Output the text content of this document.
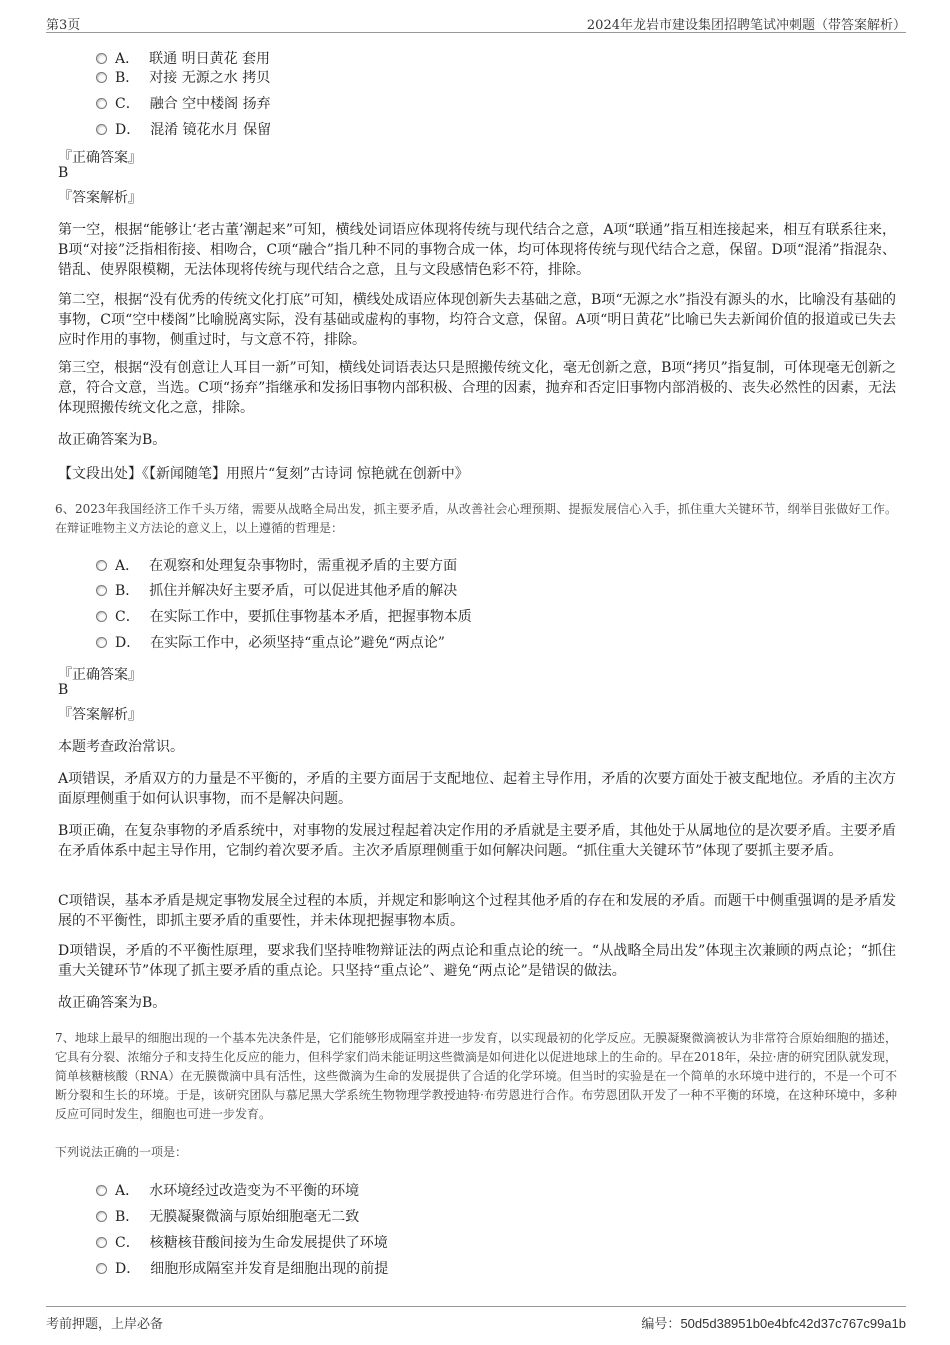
第3页	2024年龙岩市建设集团招聘笔试冲刺题（带答案解析）
A． 联通 明日黄花 套用
B． 对接 无源之水 拷贝
C． 融合 空中楼阁 扬弃
D． 混淆 镜花水月 保留
『正确答案』
B
『答案解析』
第一空，根据“能够让‘老古董’潮起来”可知，横线处词语应体现将传统与现代结合之意，A项“联通”指互相连接起来，相互有联系往来，B项“对接”泛指相衔接、相吻合，C项“融合”指几种不同的事物合成一体，均可体现将传统与现代结合之意，保留。D项“混淆”指混杂、错乱、使界限模糊，无法体现将传统与现代结合之意，且与文段感情色彩不符，排除。
第二空，根据“没有优秀的传统文化打底”可知，横线处成语应体现创新失去基础之意，B项“无源之水”指没有源头的水，比喻没有基础的事物，C项“空中楼阁”比喻脱离实际，没有基础或虚构的事物，均符合文意，保留。A项“明日黄花”比喻已失去新闻价值的报道或已失去应时作用的事物，侧重过时，与文意不符，排除。
第三空，根据“没有创意让人耳目一新”可知，横线处词语表达只是照搬传统文化，毫无创新之意，B项“拷贝”指复制，可体现毫无创新之意，符合文意，当选。C项“扬弃”指继承和发扬旧事物内部积极、合理的因素，抛弃和否定旧事物内部消极的、丧失必然性的因素，无法体现照搬传统文化之意，排除。
故正确答案为B。
【文段出处】《【新闻随笔】用照片“复刻”古诗词 惊艳就在创新中》
6、2023年我国经济工作千头万绪，需要从战略全局出发，抓主要矛盾，从改善社会心理预期、提振发展信心入手，抓住重大关键环节，纲举目张做好工作。在辩证唯物主义方法论的意义上，以上遵循的哲理是：
A． 在观察和处理复杂事物时，需重视矛盾的主要方面
B． 抓住并解决好主要矛盾，可以促进其他矛盾的解决
C． 在实际工作中，要抓住事物基本矛盾，把握事物本质
D． 在实际工作中，必须坚持“重点论”避免“两点论”
『正确答案』
B
『答案解析』
本题考查政治常识。
A项错误，矛盾双方的力量是不平衡的，矛盾的主要方面居于支配地位、起着主导作用，矛盾的次要方面处于被支配地位。矛盾的主次方面原理侧重于如何认识事物，而不是解决问题。
B项正确，在复杂事物的矛盾系统中，对事物的发展过程起着决定作用的矛盾就是主要矛盾，其他处于从属地位的是次要矛盾。主要矛盾在矛盾体系中起主导作用，它制约着次要矛盾。主次矛盾原理侧重于如何解决问题。“抓住重大关键环节”体现了要抓主要矛盾。
C项错误，基本矛盾是规定事物发展全过程的本质，并规定和影响这个过程其他矛盾的存在和发展的矛盾。而题干中侧重强调的是矛盾发展的不平衡性，即抓主要矛盾的重要性，并未体现把握事物本质。
D项错误，矛盾的不平衡性原理，要求我们坚持唯物辩证法的两点论和重点论的统一。“从战略全局出发”体现主次兼顾的两点论；“抓住重大关键环节”体现了抓主要矛盾的重点论。只坚持“重点论”、避免“两点论”是错误的做法。
故正确答案为B。
7、地球上最早的细胞出现的一个基本先决条件是，它们能够形成隔室并进一步发育，以实现最初的化学反应。无膜凝聚微滴被认为非常符合原始细胞的描述，它具有分裂、浓缩分子和支持生化反应的能力，但科学家们尚未能证明这些微滴是如何进化以促进地球上的生命的。早在2018年，朵拉·唐的研究团队就发现，简单核糖核酸（RNA）在无膜微滴中具有活性，这些微滴为生命的发展提供了合适的化学环境。但当时的实验是在一个简单的水环境中进行的，不是一个可不断分裂和生长的环境。于是，该研究团队与慕尼黑大学系统生物物理学教授迪特·布劳恩进行合作。布劳恩团队开发了一种不平衡的环境，在这种环境中，多种反应可同时发生，细胞也可进一步发育。
下列说法正确的一项是：
A． 水环境经过改造变为不平衡的环境
B． 无膜凝聚微滴与原始细胞毫无二致
C． 核糖核苷酸间接为生命发展提供了环境
D． 细胞形成隔室并发育是细胞出现的前提
考前押题，上岸必备	编号：50d5d38951b0e4bfc42d37c767c99a1b
